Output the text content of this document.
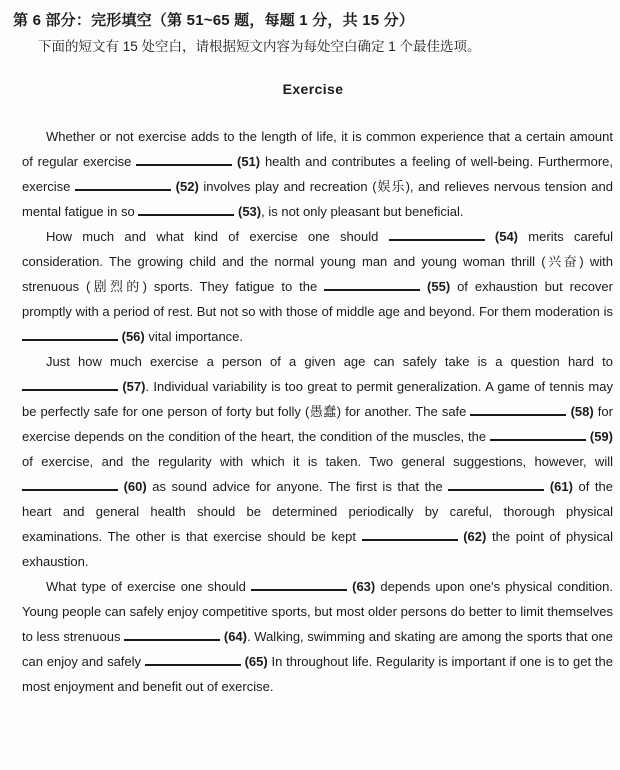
第 6 部分：完形填空（第 51~65 题，每题 1 分，共 15 分）
下面的短文有 15 处空白，请根据短文内容为每处空白确定 1 个最佳选项。
Exercise

Whether or not exercise adds to the length of life, it is common experience that a certain amount of regular exercise	(51) health and contributes a feeling of well-being. Furthermore, exercise	(52) involves play and recreation (娱乐), and relieves nervous tension and mental fatigue in so	(53), is not only pleasant but beneficial.

How much and what kind of exercise one should	(54) merits careful consideration. The growing child and the normal young man and young woman thrill (兴奋) with strenuous (剧烈的) sports. They fatigue to the	(55) of exhaustion but recover promptly with a period of rest. But not so with those of middle age and beyond. For them moderation is  (56) vital importance.

Just how much exercise a person of a given age can safely take is a question hard to  (57). Individual variability is too great to permit generalization. A game of tennis may be perfectly safe for one person of forty but folly (愚蠢) for another. The safe	(58) for exercise depends on the condition of the heart, the condition of the muscles, the	(59) of exercise, and the regularity with which it is taken. Two general suggestions, however, will  (60) as sound advice for anyone. The first is that the	(61) of the heart and general health should be determined periodically by careful, thorough physical examinations. The other is that exercise should be kept	(62) the point of physical exhaustion.

What type of exercise one should	(63) depends upon one's physical condition. Young people can safely enjoy competitive sports, but most older persons do better to limit themselves to less strenuous	(64). Walking, swimming and skating are among the sports that one can enjoy and safely	(65) In throughout life. Regularity is important if one is to get the most enjoyment and benefit out of exercise.
